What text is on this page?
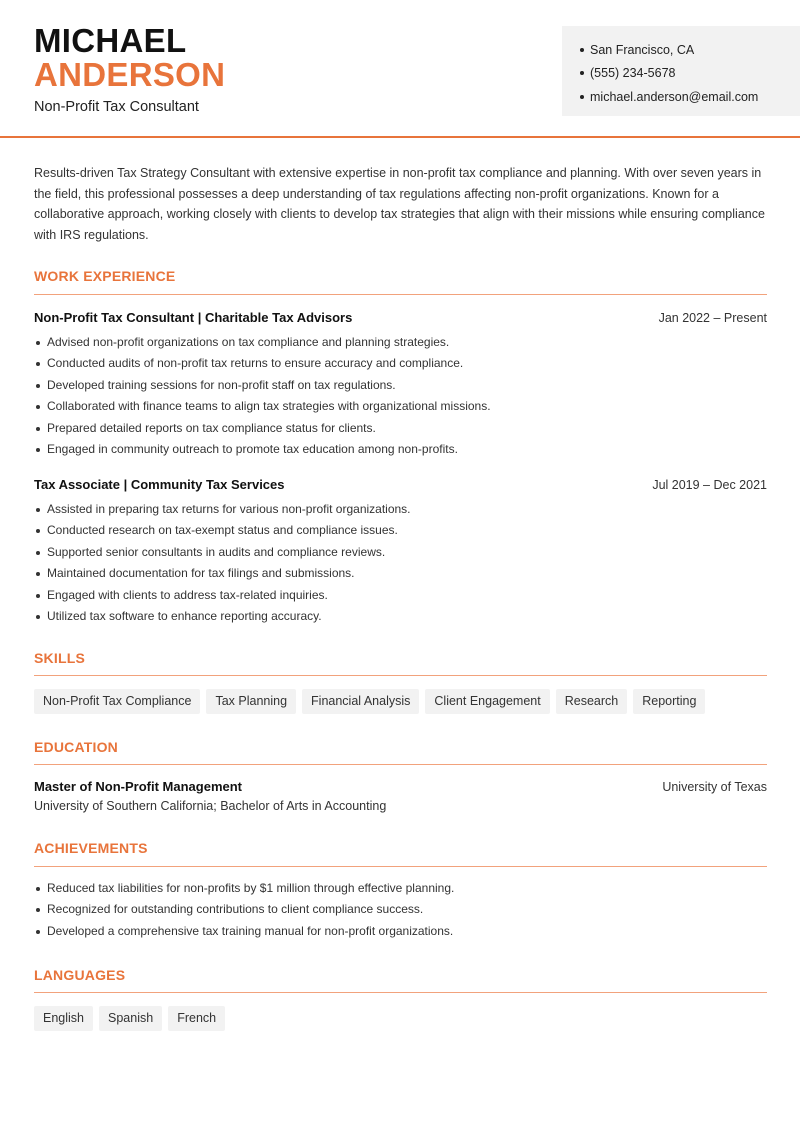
MICHAEL
ANDERSON
Non-Profit Tax Consultant
San Francisco, CA
(555) 234-5678
michael.anderson@email.com

Results-driven Tax Strategy Consultant with extensive expertise in non-profit tax compliance and planning. With over seven years in the field, this professional possesses a deep understanding of tax regulations affecting non-profit organizations. Known for a collaborative approach, working closely with clients to develop tax strategies that align with their missions while ensuring compliance with IRS regulations.

WORK EXPERIENCE
Non-Profit Tax Consultant | Charitable Tax Advisors	Jan 2022 – Present
Advised non-profit organizations on tax compliance and planning strategies.
Conducted audits of non-profit tax returns to ensure accuracy and compliance.
Developed training sessions for non-profit staff on tax regulations.
Collaborated with finance teams to align tax strategies with organizational missions.
Prepared detailed reports on tax compliance status for clients.
Engaged in community outreach to promote tax education among non-profits.
Tax Associate | Community Tax Services	Jul 2019 – Dec 2021
Assisted in preparing tax returns for various non-profit organizations.
Conducted research on tax-exempt status and compliance issues.
Supported senior consultants in audits and compliance reviews.
Maintained documentation for tax filings and submissions.
Engaged with clients to address tax-related inquiries.
Utilized tax software to enhance reporting accuracy.
SKILLS
Non-Profit Tax Compliance	Tax Planning	Financial Analysis	Client Engagement	Research	Reporting
EDUCATION
Master of Non-Profit Management	University of Texas
University of Southern California; Bachelor of Arts in Accounting
ACHIEVEMENTS
Reduced tax liabilities for non-profits by $1 million through effective planning.
Recognized for outstanding contributions to client compliance success.
Developed a comprehensive tax training manual for non-profit organizations.
LANGUAGES
English	Spanish	French
